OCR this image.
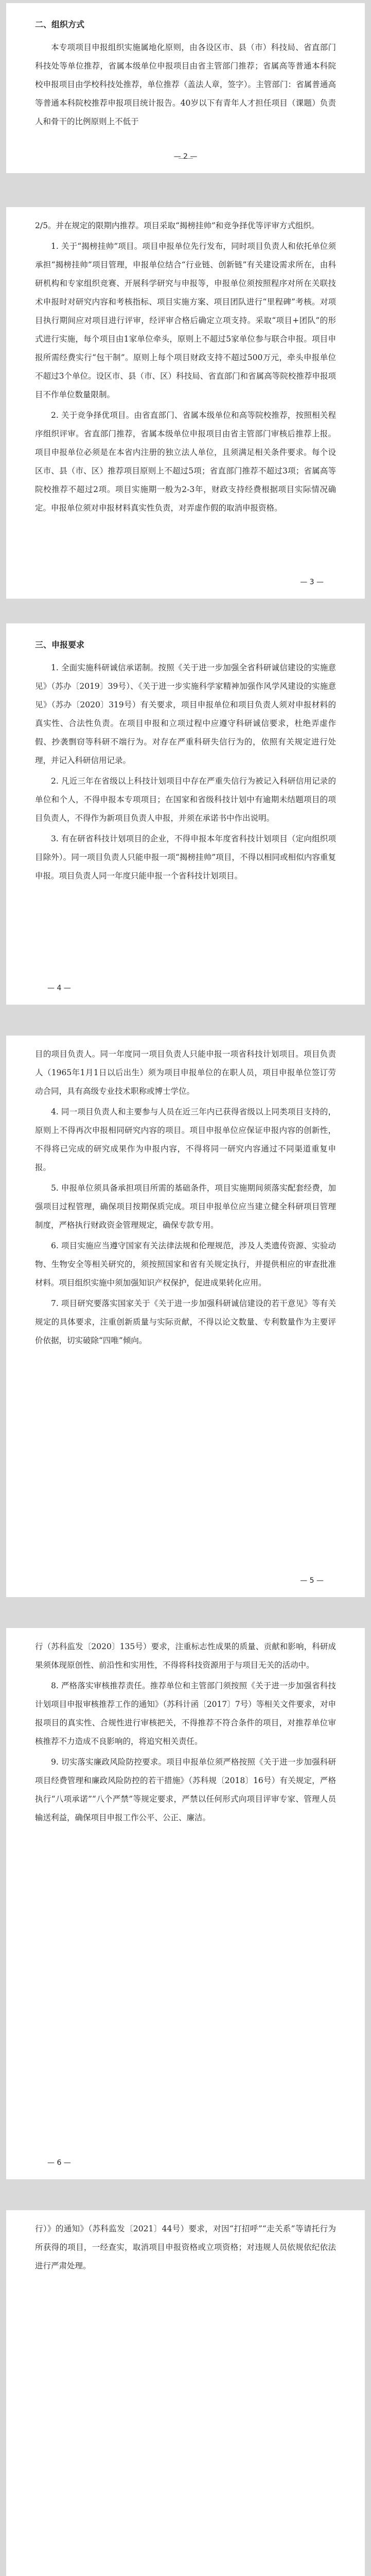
二、组织方式

本专项项目申报组织实施属地化原则，由各设区市、县（市）科技局、省直部门科技处等单位推荐，省属本级单位申报项目由省主管部门推荐；省属高等普通本科院校申报项目由学校科技处推荐，单位推荐（盖法人章，签字）。主管部门：省属普通高等普通本科院校推荐申报项目统计报告。40岁以下有青年人才担任项目（课题）负责人和骨干的比例原则上不低于

— 2 —

2/5。并在规定的限期内推荐。项目采取“揭榜挂帅”和竞争择优等评审方式组织。

1. 关于“揭榜挂帅”项目。项目申报单位先行发布，同时项目负责人和依托单位须承担“揭榜挂帅”项目管理，申报单位结合“行业链、创新链”有关建设需求所在，由科研机构和专家组织竞赛、开展科学研究与申报等，申报单位须按照程序对所在关联技术申报时对研究内容和考核指标、项目实施方案、项目团队进行“里程碑”考核。对项目执行期间应对项目进行评审，经评审合格后确定立项支持。采取“项目+团队”的形式进行实施，每个项目由1家单位牵头，原则上不超过5家单位参与联合申报。项目申报所需经费实行“包干制”。原则上每个项目财政支持不超过500万元，牵头申报单位不超过3个单位。设区市、县（市、区）科技局、省直部门和省属高等院校推荐申报项目不作单位数量限制。

2. 关于竞争择优项目。由省直部门、省属本级单位和高等院校推荐，按照相关程序组织评审。省直部门推荐，省属本级单位申报项目由省主管部门审核后推荐上报。项目申报单位必须是在本省内注册的独立法人单位，且须满足相关条件要求。每个设区市、县（市、区）推荐项目原则上不超过5项；省直部门推荐不超过3项；省属高等院校推荐不超过2项。项目实施期一般为2-3年，财政支持经费根据项目实际情况确定。申报单位须对申报材料真实性负责，对弄虚作假的取消申报资格。

— 3 —
三、申报要求

1. 全面实施科研诚信承诺制。按照《关于进一步加强全省科研诚信建设的实施意见》（苏办〔2019〕39号）、《关于进一步实施科学家精神加强作风学风建设的实施意见》（苏办〔2020〕319号）有关要求，项目申报单位和项目负责人须对申报材料的真实性、合法性负责。在项目申报和立项过程中应遵守科研诚信要求，杜绝弄虚作假、抄袭剽窃等科研不端行为。对存在严重科研失信行为的，依照有关规定进行处理，并记入科研信用记录。

2. 凡近三年在省级以上科技计划项目中存在严重失信行为被记入科研信用记录的单位和个人，不得申报本专项项目；在国家和省级科技计划中有逾期未结题项目的项目负责人，不得作为新项目负责人申报，并须在承诺书中作出说明。

3. 有在研省科技计划项目的企业，不得申报本年度省科技计划项目（定向组织项目除外）。同一项目负责人只能申报一项“揭榜挂帅”项目，不得以相同或相似内容重复申报。项目负责人同一年度只能申报一个省科技计划项目。

— 4 —

目的项目负责人。同一年度同一项目负责人只能申报一项省科技计划项目。项目负责人（1965年1月1日以后出生）须为项目申报单位的在职人员，项目申报单位签订劳动合同，具有高级专业技术职称或博士学位。

4. 同一项目负责人和主要参与人员在近三年内已获得省级以上同类项目支持的，原则上不得再次申报相同研究内容的项目。项目申报单位应保证申报内容的创新性，不得将已完成的研究成果作为申报内容，不得将同一研究内容通过不同渠道重复申报。

5. 申报单位须具备承担项目所需的基础条件，项目实施期间须落实配套经费，加强项目过程管理，确保项目按期保质完成。项目申报单位应当建立健全科研项目管理制度，严格执行财政资金管理规定，确保专款专用。

6. 项目实施应当遵守国家有关法律法规和伦理规范，涉及人类遗传资源、实验动物、生物安全等相关研究的，须按照国家和省有关规定执行，并提供相应的审查批准材料。项目组织实施中须加强知识产权保护，促进成果转化应用。

7. 项目研究要落实国家关于《关于进一步加强科研诚信建设的若干意见》等有关规定的具体要求，注重创新质量与实际贡献，不得以论文数量、专利数量作为主要评价依据，切实破除“四唯”倾向。

— 5 —

行（苏科监发〔2020〕135号）要求，注重标志性成果的质量、贡献和影响，科研成果须体现原创性、前沿性和实用性，不得将科技资源用于与项目无关的活动中。

8. 严格落实审核推荐责任。推荐单位和主管部门须按照《关于进一步加强省科技计划项目申报审核推荐工作的通知》（苏科计函〔2017〕7号）等相关文件要求，对申报项目的真实性、合规性进行审核把关，不得推荐不符合条件的项目，对推荐单位审核推荐不力造成不良影响的，将追究相关责任。

9. 切实落实廉政风险防控要求。项目申报单位须严格按照《关于进一步加强科研项目经费管理和廉政风险防控的若干措施》（苏科规〔2018〕16号）有关规定，严格执行“八项承诺”“八个严禁”等规定要求，严禁以任何形式向项目评审专家、管理人员输送利益，确保项目申报工作公平、公正、廉洁。

— 6 —

行）》的通知》（苏科监发〔2021〕44号）要求，对因“打招呼”“走关系”等请托行为所获得的项目，一经查实，取消项目申报资格或立项资格；对违规人员依规依纪依法进行严肃处理。
